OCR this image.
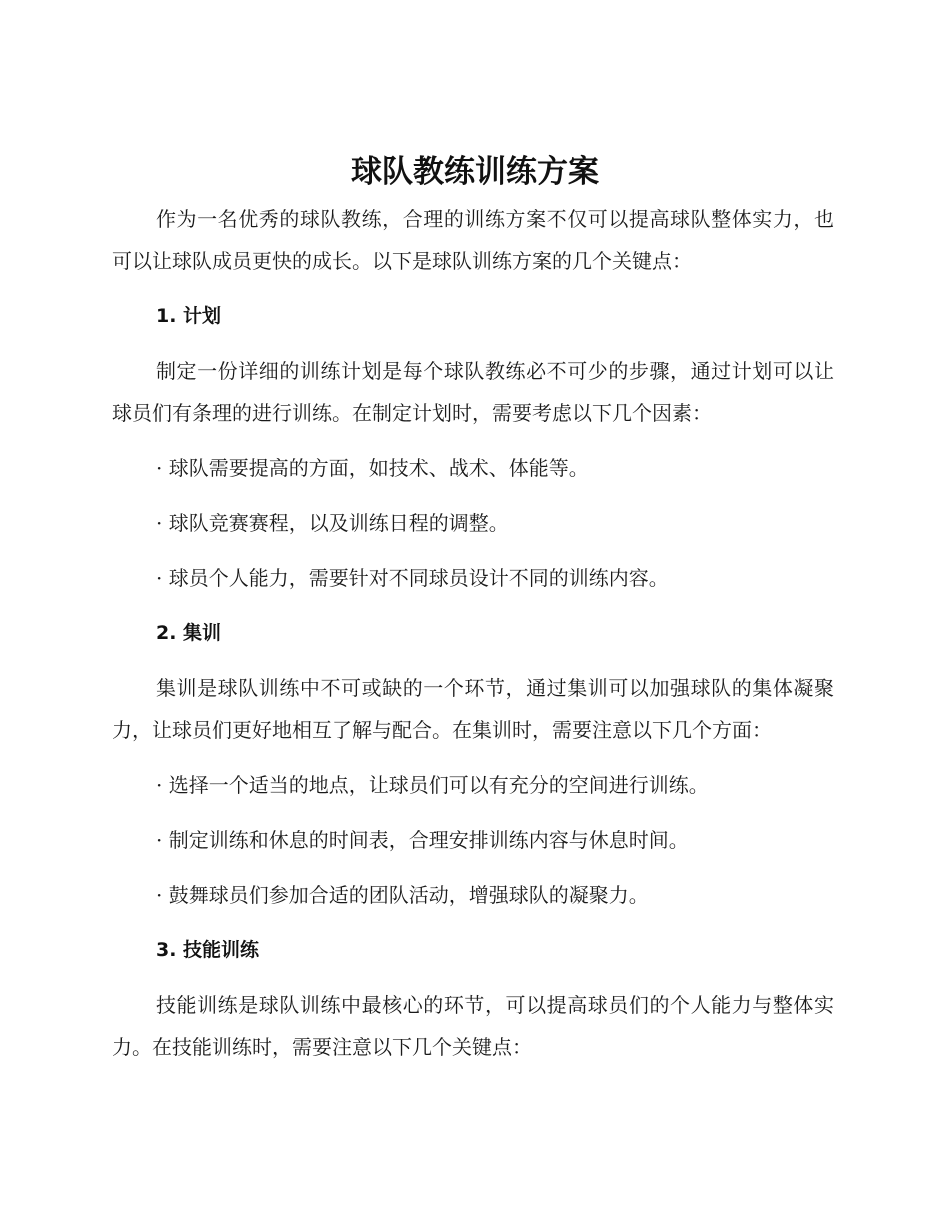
球队教练训练方案

作为一名优秀的球队教练，合理的训练方案不仅可以提高球队整体实力，也可以让球队成员更快的成长。以下是球队训练方案的几个关键点：

1. 计划

制定一份详细的训练计划是每个球队教练必不可少的步骤，通过计划可以让球员们有条理的进行训练。在制定计划时，需要考虑以下几个因素：

· 球队需要提高的方面，如技术、战术、体能等。

· 球队竞赛赛程，以及训练日程的调整。

· 球员个人能力，需要针对不同球员设计不同的训练内容。

2. 集训

集训是球队训练中不可或缺的一个环节，通过集训可以加强球队的集体凝聚力，让球员们更好地相互了解与配合。在集训时，需要注意以下几个方面：

· 选择一个适当的地点，让球员们可以有充分的空间进行训练。

· 制定训练和休息的时间表，合理安排训练内容与休息时间。

· 鼓舞球员们参加合适的团队活动，增强球队的凝聚力。

3. 技能训练

技能训练是球队训练中最核心的环节，可以提高球员们的个人能力与整体实力。在技能训练时，需要注意以下几个关键点：
